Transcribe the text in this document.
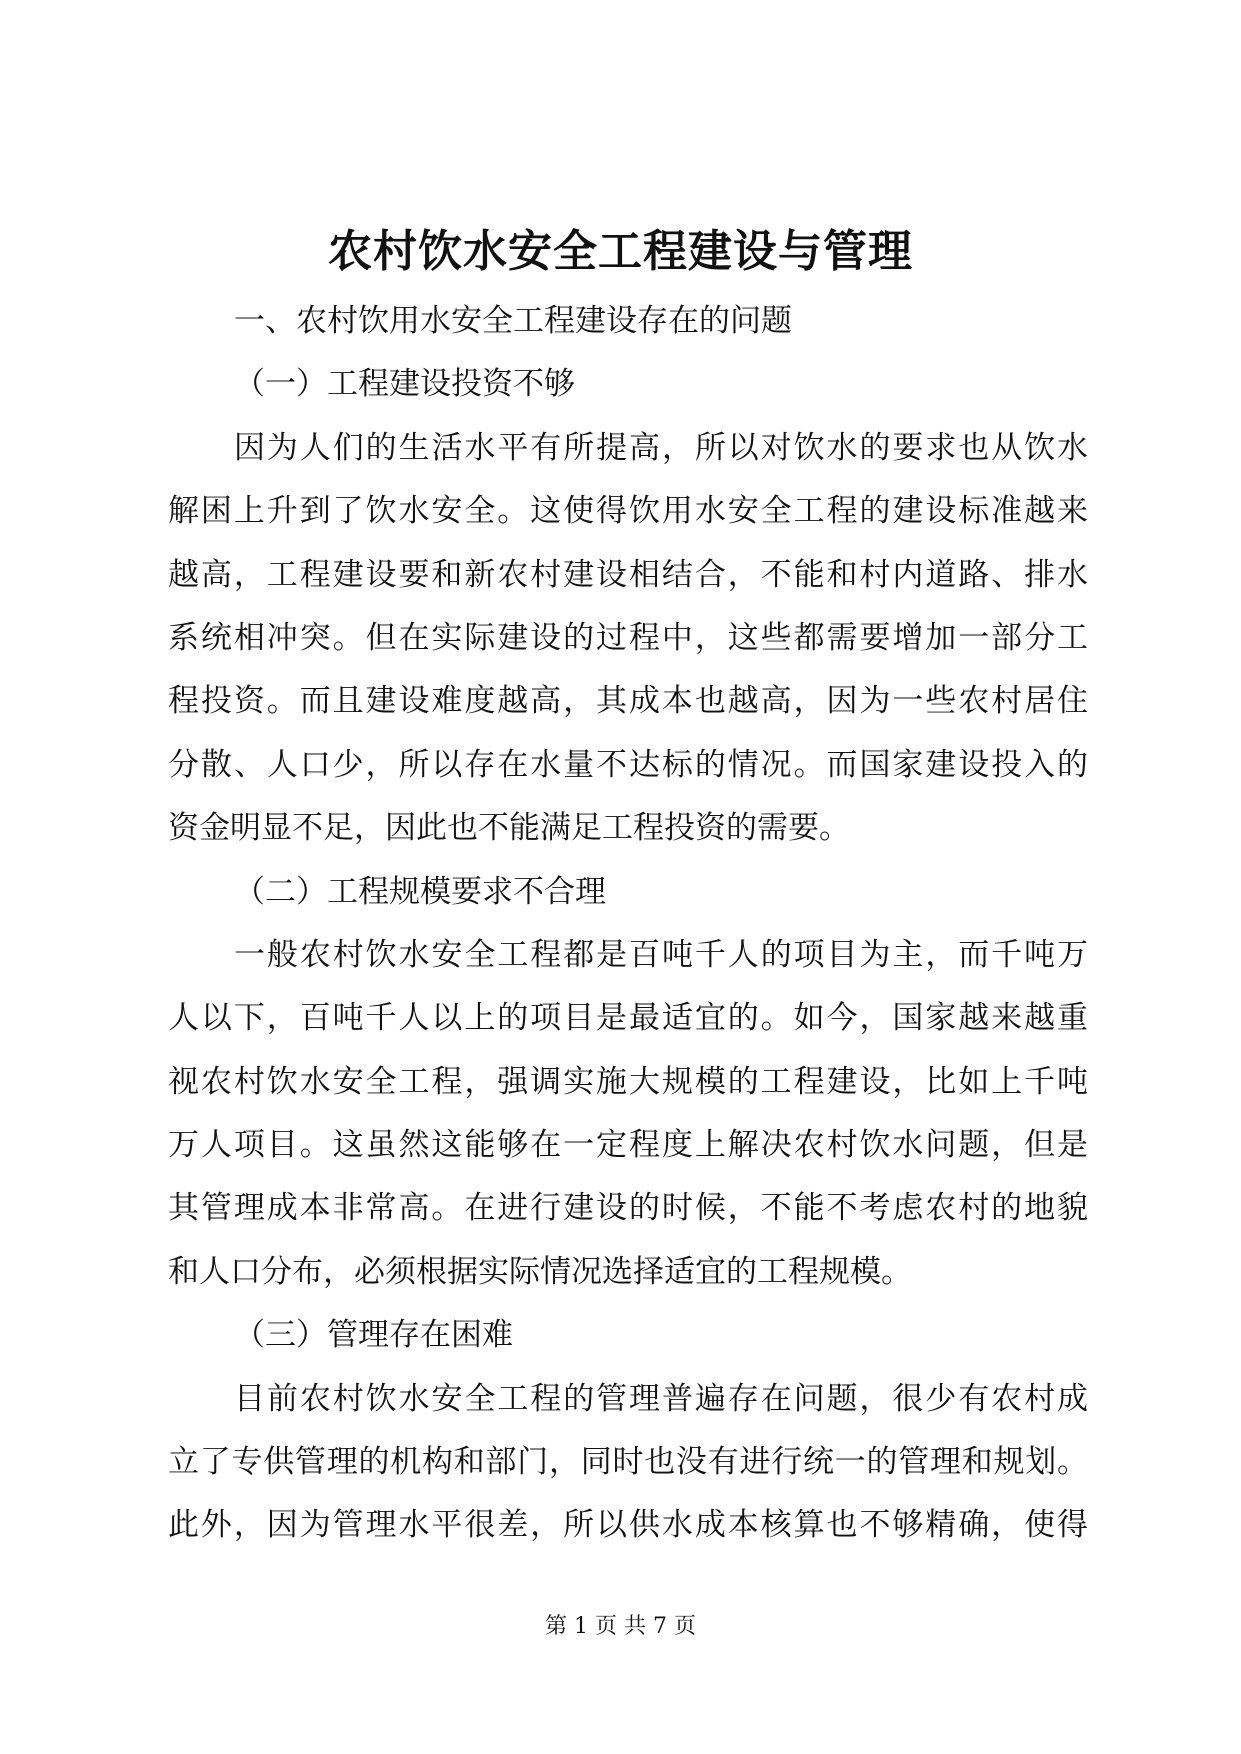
农村饮水安全工程建设与管理
一、农村饮用水安全工程建设存在的问题
（一）工程建设投资不够
因为人们的生活水平有所提高，所以对饮水的要求也从饮水
解困上升到了饮水安全。这使得饮用水安全工程的建设标准越来
越高，工程建设要和新农村建设相结合，不能和村内道路、排水
系统相冲突。但在实际建设的过程中，这些都需要增加一部分工
程投资。而且建设难度越高，其成本也越高，因为一些农村居住
分散、人口少，所以存在水量不达标的情况。而国家建设投入的
资金明显不足，因此也不能满足工程投资的需要。
（二）工程规模要求不合理
一般农村饮水安全工程都是百吨千人的项目为主，而千吨万
人以下，百吨千人以上的项目是最适宜的。如今，国家越来越重
视农村饮水安全工程，强调实施大规模的工程建设，比如上千吨
万人项目。这虽然这能够在一定程度上解决农村饮水问题，但是
其管理成本非常高。在进行建设的时候，不能不考虑农村的地貌
和人口分布，必须根据实际情况选择适宜的工程规模。
（三）管理存在困难
目前农村饮水安全工程的管理普遍存在问题，很少有农村成
立了专供管理的机构和部门，同时也没有进行统一的管理和规划。
此外，因为管理水平很差，所以供水成本核算也不够精确，使得
第 1 页 共 7 页
